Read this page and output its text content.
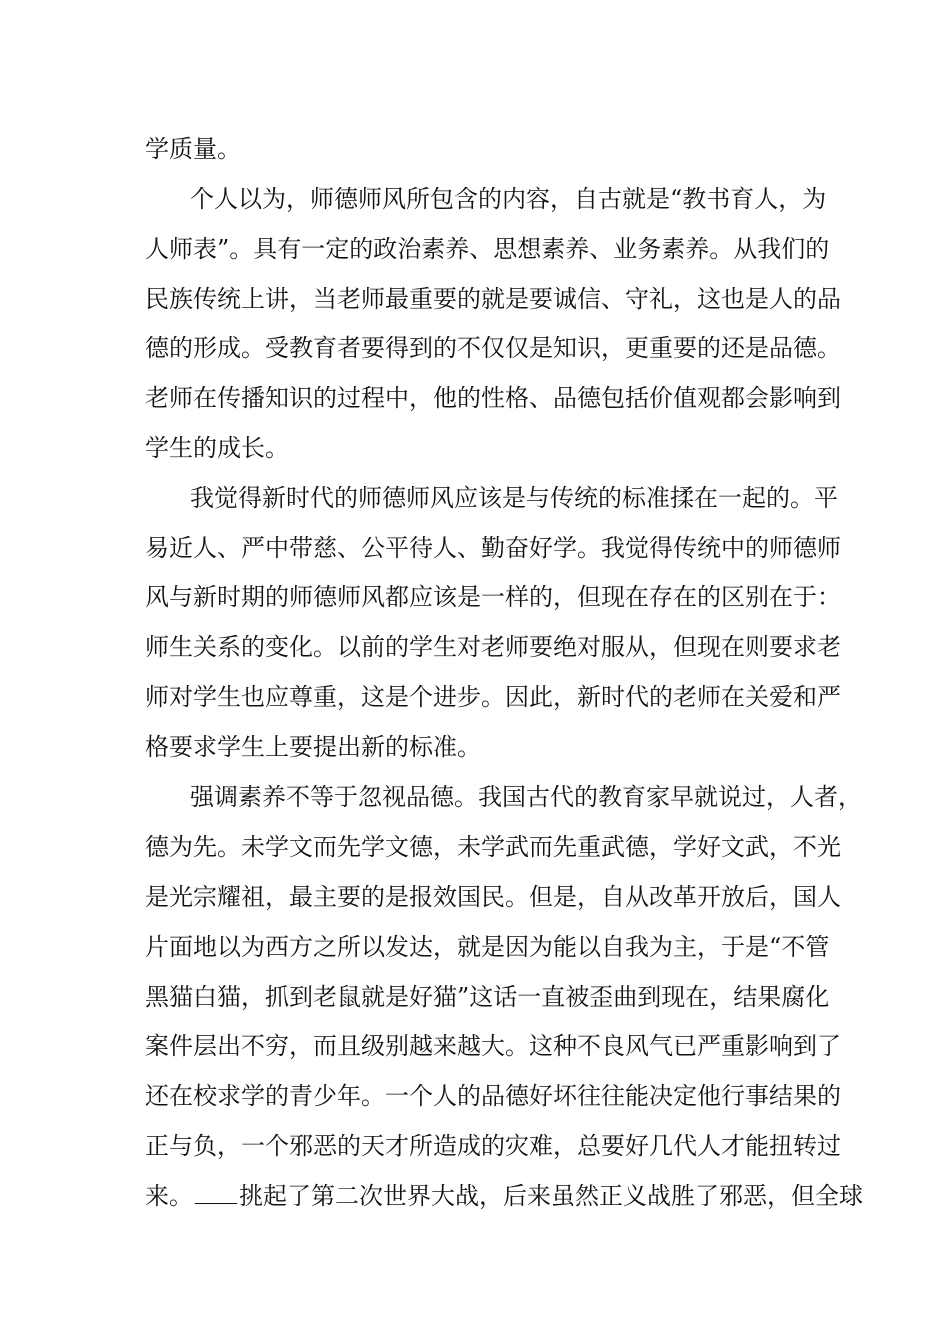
学质量。
个人以为，师德师风所包含的内容，自古就是“教书育人，为
人师表”。具有一定的政治素养、思想素养、业务素养。从我们的
民族传统上讲，当老师最重要的就是要诚信、守礼，这也是人的品
德的形成。受教育者要得到的不仅仅是知识，更重要的还是品德。
老师在传播知识的过程中，他的性格、品德包括价值观都会影响到
学生的成长。
我觉得新时代的师德师风应该是与传统的标准揉在一起的。平
易近人、严中带慈、公平待人、勤奋好学。我觉得传统中的师德师
风与新时期的师德师风都应该是一样的，但现在存在的区别在于：
师生关系的变化。以前的学生对老师要绝对服从，但现在则要求老
师对学生也应尊重，这是个进步。因此，新时代的老师在关爱和严
格要求学生上要提出新的标准。
强调素养不等于忽视品德。我国古代的教育家早就说过，人者，
德为先。未学文而先学文德，未学武而先重武德，学好文武，不光
是光宗耀祖，最主要的是报效国民。但是，自从改革开放后，国人
片面地以为西方之所以发达，就是因为能以自我为主，于是“不管
黑猫白猫，抓到老鼠就是好猫”这话一直被歪曲到现在，结果腐化
案件层出不穷，而且级别越来越大。这种不良风气已严重影响到了
还在校求学的青少年。一个人的品德好坏往往能决定他行事结果的
正与负，一个邪恶的天才所造成的灾难，总要好几代人才能扭转过
来。 挑起了第二次世界大战，后来虽然正义战胜了邪恶，但全球
